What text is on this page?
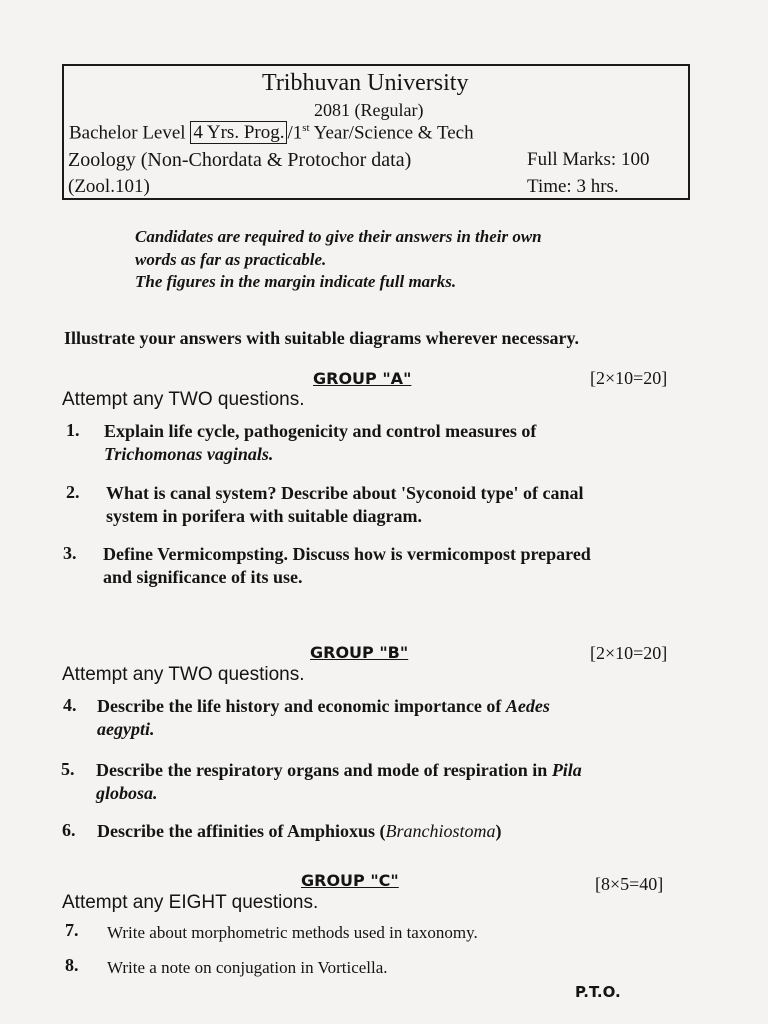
Tribhuvan University
2081 (Regular)
Bachelor Level 4 Yrs. Prog. /1st Year/Science & Tech
Zoology (Non-Chordata & Protochor data)	Full Marks: 100
(Zool.101)	Time: 3 hrs.
Candidates are required to give their answers in their own
words as far as practicable.
The figures in the margin indicate full marks.
Illustrate your answers with suitable diagrams wherever necessary.
GROUP "A"	[2×10=20]
Attempt any TWO questions.
1. Explain life cycle, pathogenicity and control measures of
Trichomonas vaginals.
2. What is canal system? Describe about 'Syconoid type' of canal
system in porifera with suitable diagram.
3. Define Vermicompsting. Discuss how is vermicompost prepared
and significance of its use.
GROUP "B"	[2×10=20]
Attempt any TWO questions.
4. Describe the life history and economic importance of Aedes
aegypti.
5. Describe the respiratory organs and mode of respiration in Pila
globosa.
6. Describe the affinities of Amphioxus (Branchiostoma)
GROUP "C"	[8×5=40]
Attempt any EIGHT questions.
7. Write about morphometric methods used in taxonomy.
8. Write a note on conjugation in Vorticella.
P.T.O.
